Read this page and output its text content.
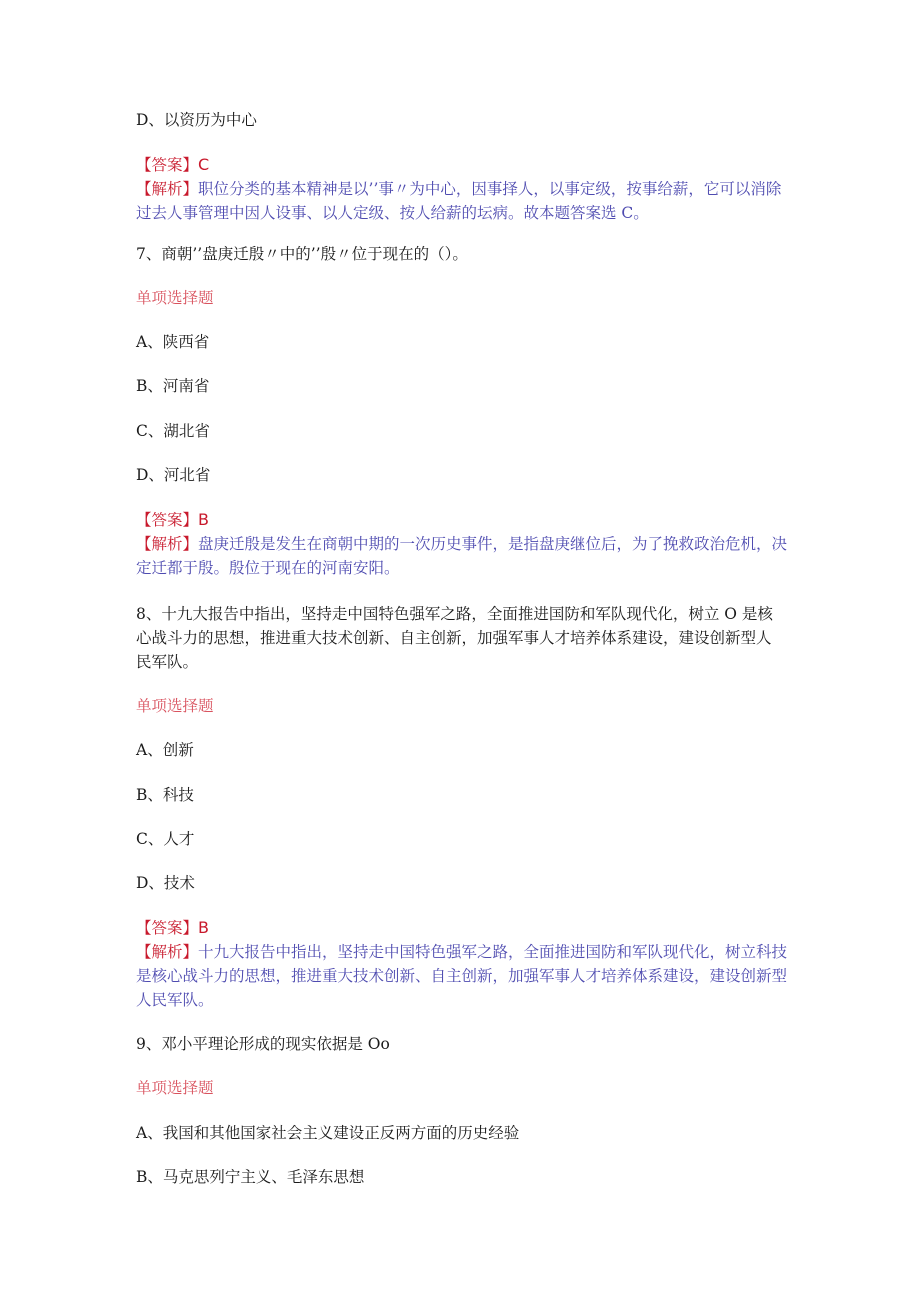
D、以资历为中心
【答案】C
【解析】职位分类的基本精神是以’’事〃为中心，因事择人，以事定级，按事给薪，它可以消除
过去人事管理中因人设事、以人定级、按人给薪的坛病。故本题答案选 C。
7、商朝’’盘庚迁殷〃中的’’殷〃位于现在的（）。
单项选择题
A、陕西省
B、河南省
C、湖北省
D、河北省
【答案】B
【解析】盘庚迁殷是发生在商朝中期的一次历史事件，是指盘庚继位后，为了挽救政治危机，决
定迁都于殷。殷位于现在的河南安阳。
8、十九大报告中指出，坚持走中国特色强军之路，全面推进国防和军队现代化，树立 O 是核
心战斗力的思想，推进重大技术创新、自主创新，加强军事人才培养体系建设，建设创新型人
民军队。
单项选择题
A、创新
B、科技
C、人才
D、技术
【答案】B
【解析】十九大报告中指出，坚持走中国特色强军之路，全面推进国防和军队现代化，树立科技
是核心战斗力的思想，推进重大技术创新、自主创新，加强军事人才培养体系建设，建设创新型
人民军队。
9、邓小平理论形成的现实依据是 Oo
单项选择题
A、我国和其他国家社会主义建设正反两方面的历史经验
B、马克思列宁主义、毛泽东思想
